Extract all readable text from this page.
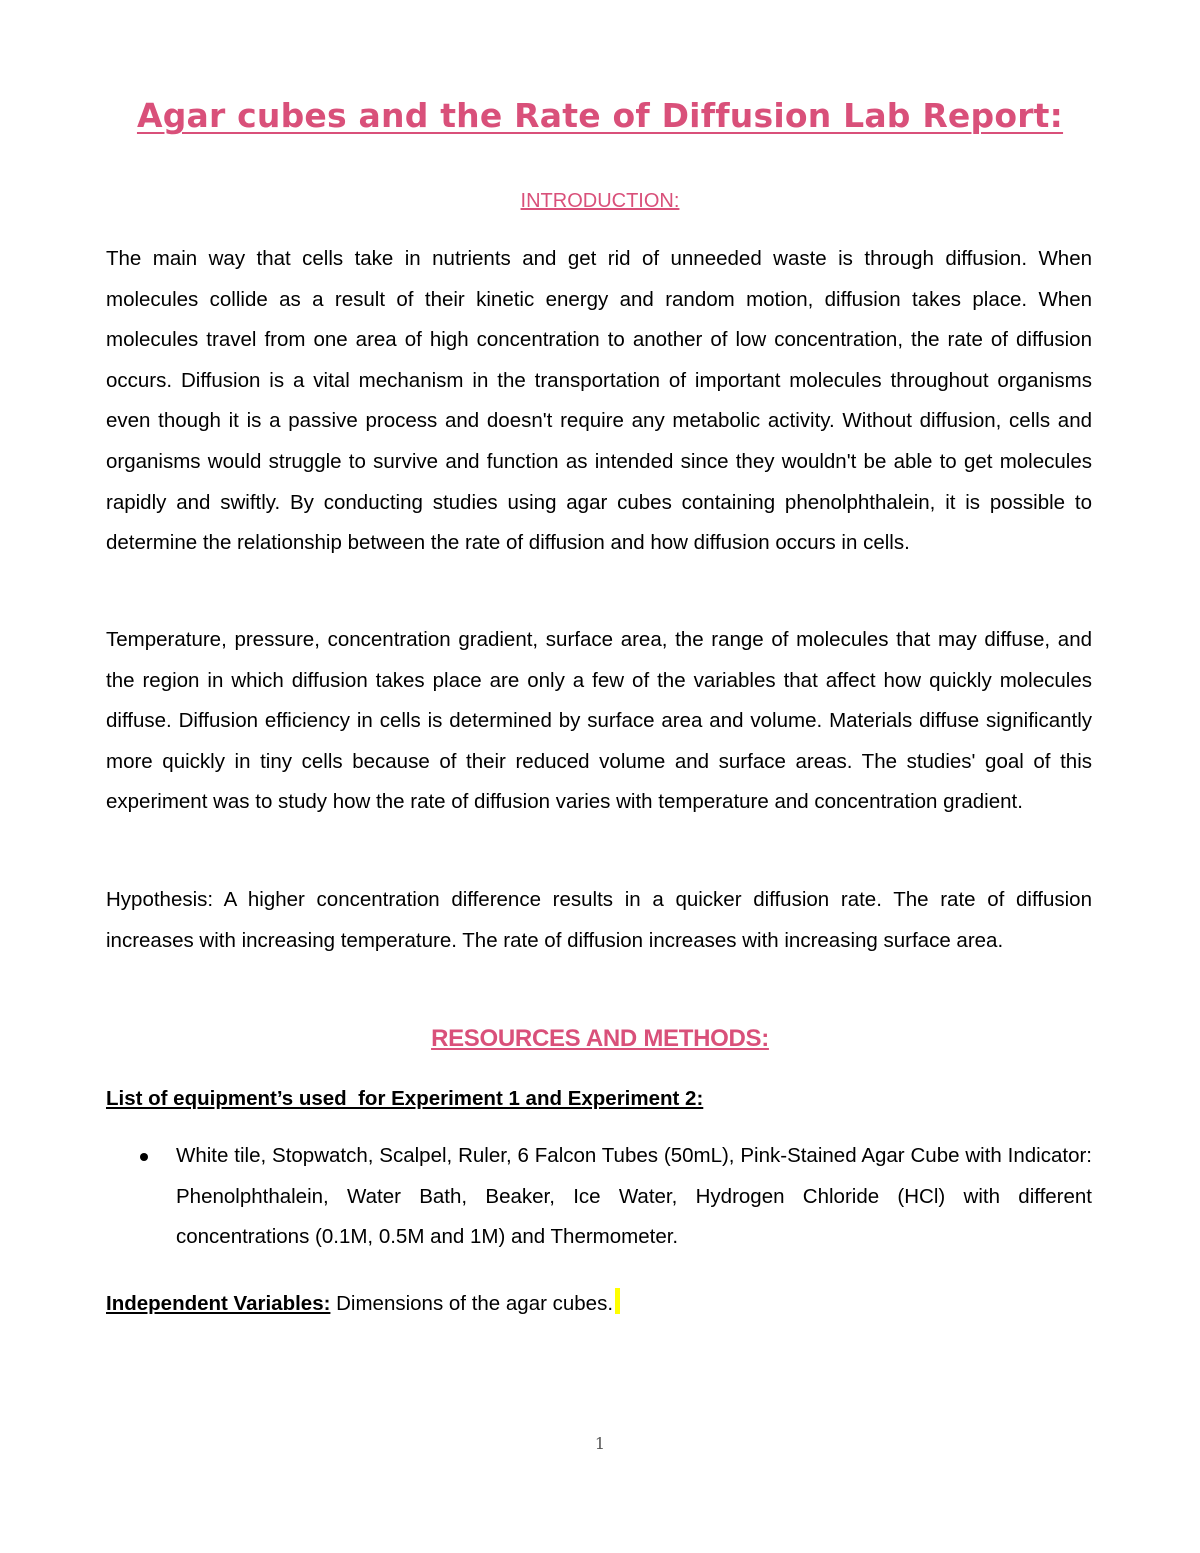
Agar cubes and the Rate of Diffusion Lab Report:
INTRODUCTION:

The main way that cells take in nutrients and get rid of unneeded waste is through diffusion. When molecules collide as a result of their kinetic energy and random motion, diffusion takes place. When molecules travel from one area of high concentration to another of low concentration, the rate of diffusion occurs. Diffusion is a vital mechanism in the transportation of important molecules throughout organisms even though it is a passive process and doesn't require any metabolic activity. Without diffusion, cells and organisms would struggle to survive and function as intended since they wouldn't be able to get molecules rapidly and swiftly. By conducting studies using agar cubes containing phenolphthalein, it is possible to determine the relationship between the rate of diffusion and how diffusion occurs in cells.

Temperature, pressure, concentration gradient, surface area, the range of molecules that may diffuse, and the region in which diffusion takes place are only a few of the variables that affect how quickly molecules diffuse. Diffusion efficiency in cells is determined by surface area and volume. Materials diffuse significantly more quickly in tiny cells because of their reduced volume and surface areas. The studies' goal of this experiment was to study how the rate of diffusion varies with temperature and concentration gradient.

Hypothesis: A higher concentration difference results in a quicker diffusion rate. The rate of diffusion increases with increasing temperature. The rate of diffusion increases with increasing surface area.

RESOURCES AND METHODS:
List of equipment’s used  for Experiment 1 and Experiment 2:

White tile, Stopwatch, Scalpel, Ruler, 6 Falcon Tubes (50mL), Pink-Stained Agar Cube with Indicator: Phenolphthalein, Water Bath, Beaker, Ice Water, Hydrogen Chloride (HCl) with different concentrations (0.1M, 0.5M and 1M) and Thermometer.

Independent Variables: Dimensions of the agar cubes.
1
